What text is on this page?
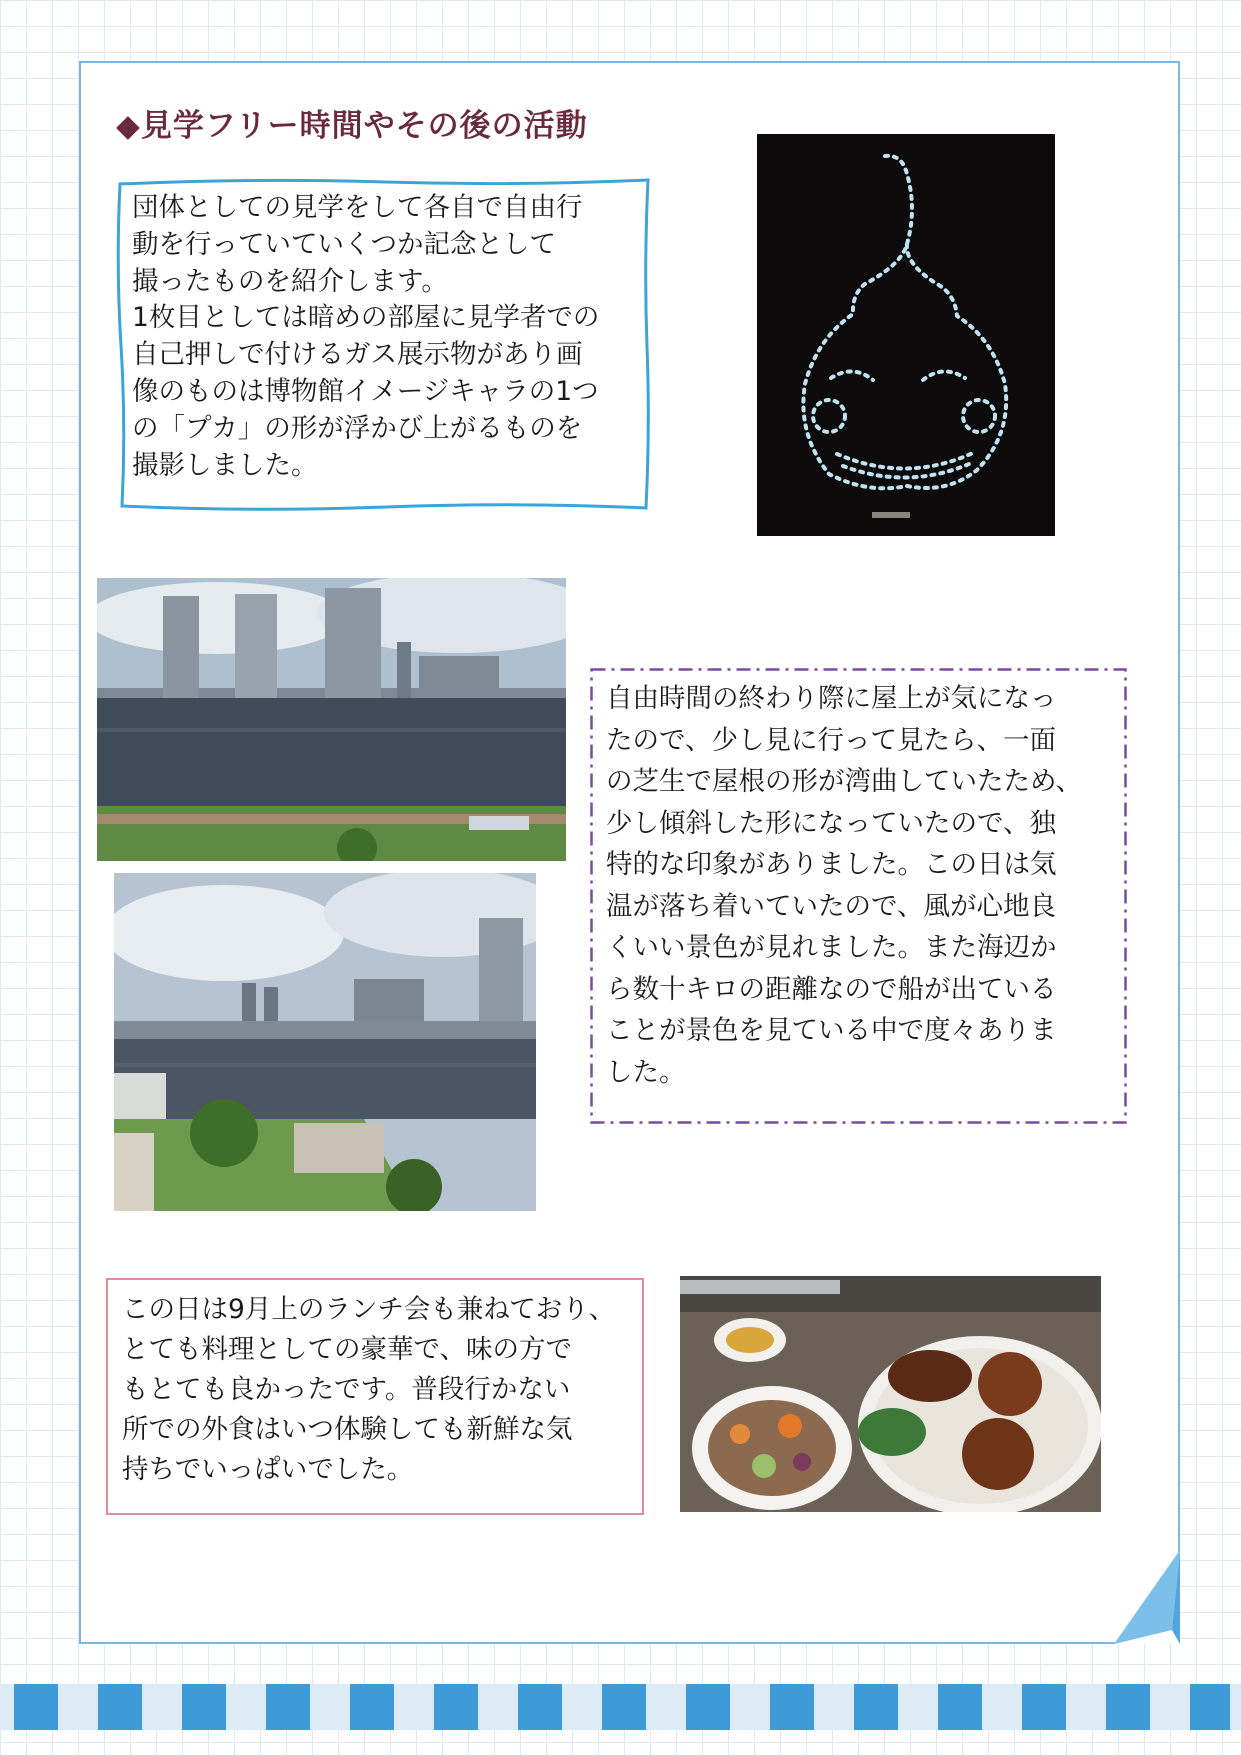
◆見学フリー時間やその後の活動

団体としての見学をして各自で自由行

動を行っていていくつか記念として

撮ったものを紹介します。

1枚目としては暗めの部屋に見学者での

自己押しで付けるガス展示物があり画

像のものは博物館イメージキャラの1つ

の「プカ」の形が浮かび上がるものを

撮影しました。

自由時間の終わり際に屋上が気になっ

たので、少し見に行って見たら、一面

の芝生で屋根の形が湾曲していたため、

少し傾斜した形になっていたので、独

特的な印象がありました。この日は気

温が落ち着いていたので、風が心地良

くいい景色が見れました。また海辺か

ら数十キロの距離なので船が出ている

ことが景色を見ている中で度々ありま

した。

この日は9月上のランチ会も兼ねており、

とても料理としての豪華で、味の方で

もとても良かったです。普段行かない

所での外食はいつ体験しても新鮮な気

持ちでいっぱいでした。
